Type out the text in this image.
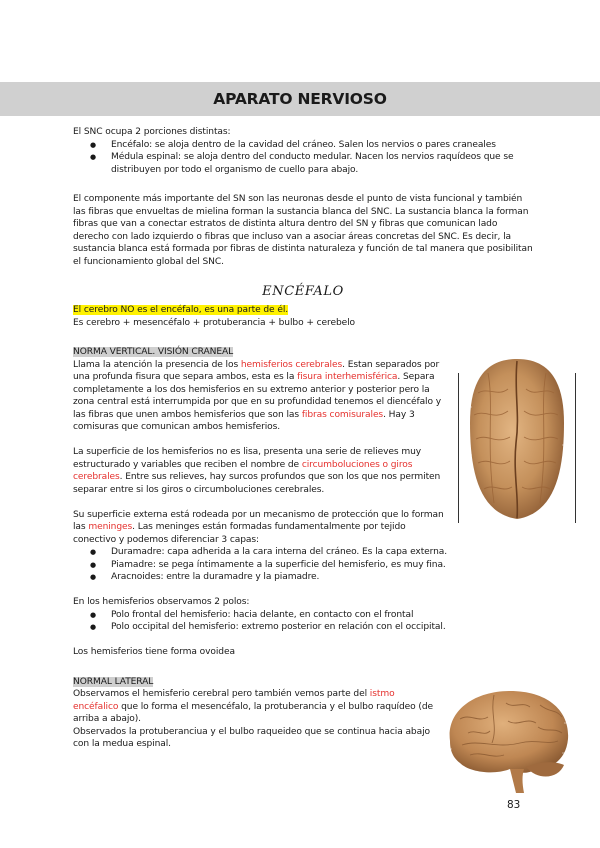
APARATO NERVIOSO

El SNC ocupa 2 porciones distintas:

● Encéfalo: se aloja dentro de la cavidad del cráneo. Salen los nervios o pares craneales
● Médula espinal: se aloja dentro del conducto medular. Nacen los nervios raquídeos que se distribuyen por todo el organismo de cuello para abajo.

El componente más importante del SN son las neuronas desde el punto de vista funcional y también las fibras que envueltas de mielina forman la sustancia blanca del SNC. La sustancia blanca la forman fibras que van a conectar estratos de distinta altura dentro del SN y fibras que comunican lado derecho con lado izquierdo o fibras que incluso van a asociar áreas concretas del SNC. Es decir, la sustancia blanca está formada por fibras de distinta naturaleza y función de tal manera que posibilitan el funcionamiento global del SNC.

ENCÉFALO

El cerebro NO es el encéfalo, es una parte de él.

Es cerebro + mesencéfalo + protuberancia + bulbo + cerebelo

NORMA VERTICAL. VISIÓN CRANEAL

Llama la atención la presencia de los hemisferios cerebrales. Estan separados por una profunda fisura que separa ambos, esta es la fisura interhemisférica. Separa completamente a los dos hemisferios en su extremo anterior y posterior pero la zona central está interrumpida por que en su profundidad tenemos el diencéfalo y las fibras que unen ambos hemisferios que son las fibras comisurales. Hay 3 comisuras que comunican ambos hemisferios.

La superficie de los hemisferios no es lisa, presenta una serie de relieves muy estructurado y variables que reciben el nombre de circumboluciones o giros cerebrales. Entre sus relieves, hay surcos profundos que son los que nos permiten separar entre si los giros o circumboluciones cerebrales.

Su superficie externa está rodeada por un mecanismo de protección que lo forman las meninges. Las meninges están formadas fundamentalmente por tejido conectivo y podemos diferenciar 3 capas:

● Duramadre: capa adherida a la cara interna del cráneo. Es la capa externa.
● Piamadre: se pega íntimamente a la superficie del hemisferio, es muy fina.
● Aracnoides: entre la duramadre y la piamadre.

En los hemisferios observamos 2 polos:

● Polo frontal del hemisferio: hacia delante, en contacto con el frontal
● Polo occipital del hemisferio: extremo posterior en relación con el occipital.

Los hemisferios tiene forma ovoidea

NORMAL LATERAL

Observamos el hemisferio cerebral pero también vemos parte del istmo encéfalico que lo forma el mesencéfalo, la protuberancia y el bulbo raquídeo (de arriba a abajo).

Observados la protuberanciua y el bulbo raqueideo que se continua hacia abajo con la medua espinal.

83
